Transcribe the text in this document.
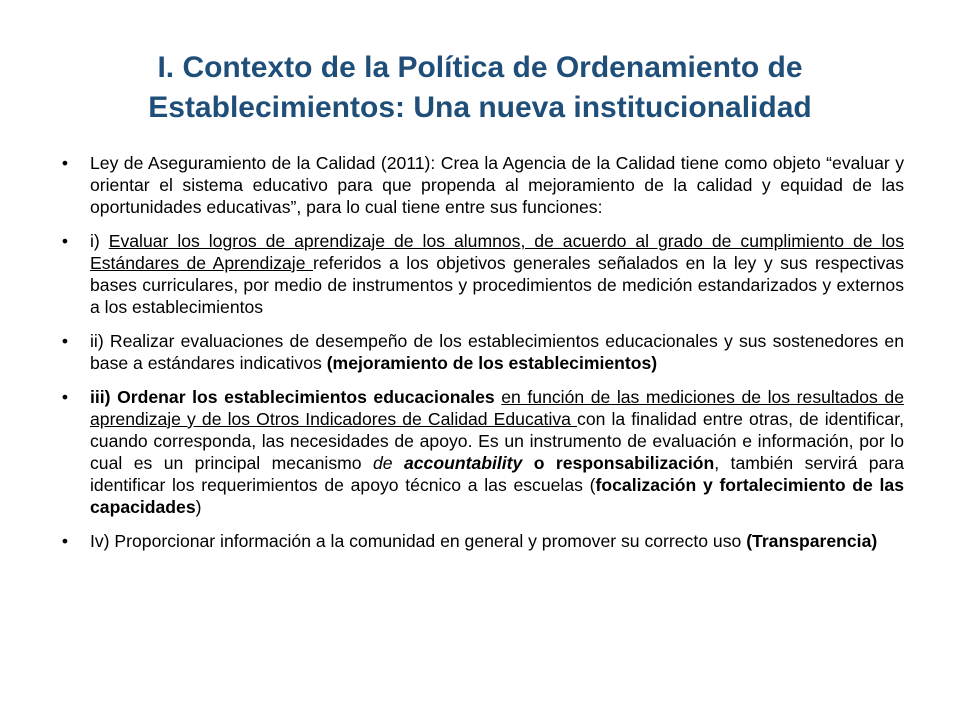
I. Contexto de la Política de Ordenamiento de
Establecimientos: Una nueva institucionalidad
• Ley de Aseguramiento de la Calidad (2011): Crea la Agencia de la Calidad tiene como objeto “evaluar y orientar el sistema educativo para que propenda al mejoramiento de la calidad y equidad de las oportunidades educativas”, para lo cual tiene entre sus funciones:
• i) Evaluar los logros de aprendizaje de los alumnos, de acuerdo al grado de cumplimiento de los Estándares de Aprendizaje referidos a los objetivos generales señalados en la ley y sus respectivas bases curriculares, por medio de instrumentos y procedimientos de medición estandarizados y externos a los establecimientos
• ii) Realizar evaluaciones de desempeño de los establecimientos educacionales y sus sostenedores en base a estándares indicativos (mejoramiento de los establecimientos)
• iii) Ordenar los establecimientos educacionales en función de las mediciones de los resultados de aprendizaje y de los Otros Indicadores de Calidad Educativa con la finalidad entre otras, de identificar, cuando corresponda, las necesidades de apoyo. Es un instrumento de evaluación e información, por lo cual es un principal mecanismo de accountability o responsabilización, también servirá para identificar los requerimientos de apoyo técnico a las escuelas (focalización y fortalecimiento de las capacidades)
• Iv) Proporcionar información a la comunidad en general y promover su correcto uso (Transparencia)
